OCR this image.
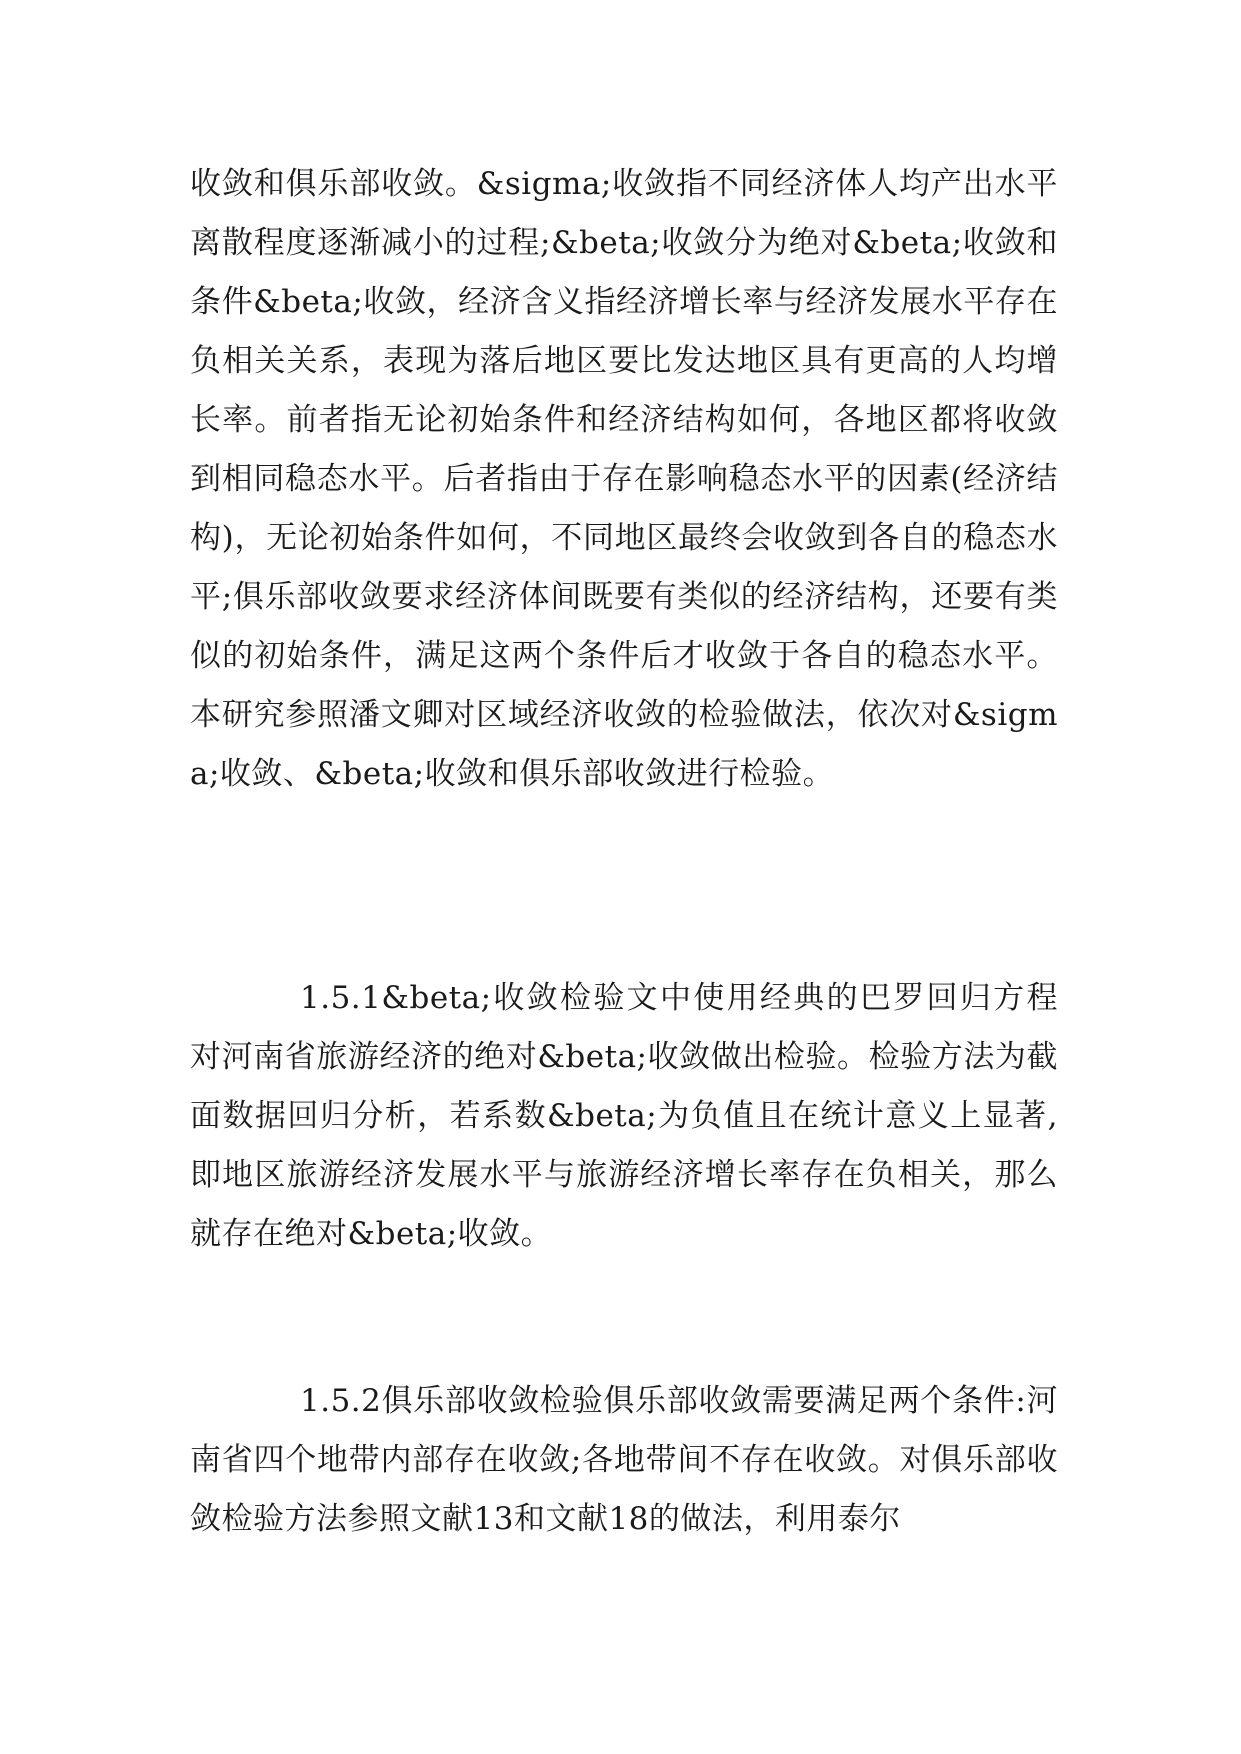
收敛和俱乐部收敛。&sigma;收敛指不同经济体人均产出水平离散程度逐渐减小的过程;&beta;收敛分为绝对&beta;收敛和条件&beta;收敛，经济含义指经济增长率与经济发展水平存在负相关关系，表现为落后地区要比发达地区具有更高的人均增长率。前者指无论初始条件和经济结构如何，各地区都将收敛到相同稳态水平。后者指由于存在影响稳态水平的因素(经济结构)，无论初始条件如何，不同地区最终会收敛到各自的稳态水平;俱乐部收敛要求经济体间既要有类似的经济结构，还要有类似的初始条件，满足这两个条件后才收敛于各自的稳态水平。本研究参照潘文卿对区域经济收敛的检验做法，依次对&sigma;收敛、&beta;收敛和俱乐部收敛进行检验。

1.5.1&beta;收敛检验文中使用经典的巴罗回归方程对河南省旅游经济的绝对&beta;收敛做出检验。检验方法为截面数据回归分析，若系数&beta;为负值且在统计意义上显著,即地区旅游经济发展水平与旅游经济增长率存在负相关，那么就存在绝对&beta;收敛。

1.5.2俱乐部收敛检验俱乐部收敛需要满足两个条件:河南省四个地带内部存在收敛;各地带间不存在收敛。对俱乐部收敛检验方法参照文献13和文献18的做法，利用泰尔
